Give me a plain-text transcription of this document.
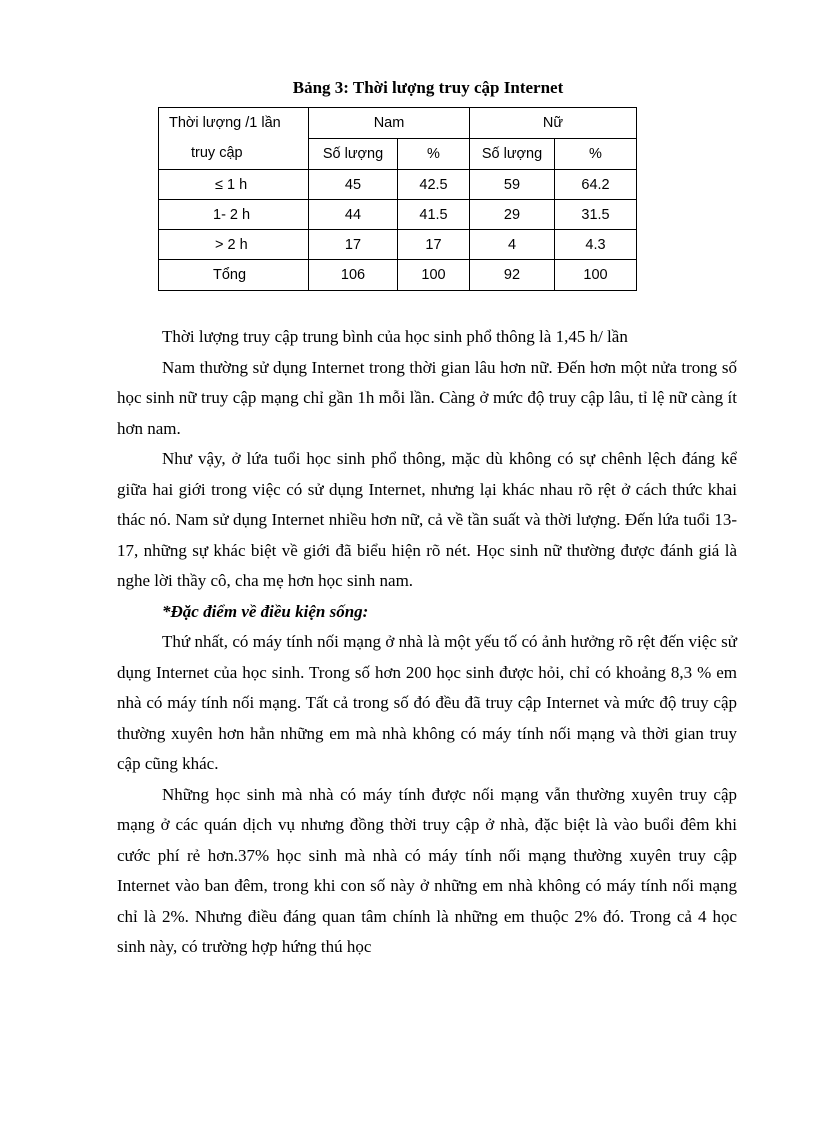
Bảng 3: Thời lượng truy cập Internet
Thời lượng /1 lần
truy cập	Nam		Nữ	
	Số lượng	%	Số lượng	%
≤ 1 h	45	42.5	59	64.2
1- 2 h	44	41.5	29	31.5
> 2 h	17	17	4	4.3
Tổng	106	100	92	100

Thời lượng truy cập trung bình của học sinh phổ thông là 1,45 h/ lần

Nam thường sử dụng Internet trong thời gian lâu hơn nữ. Đến hơn một nửa trong số học sinh nữ truy cập mạng chỉ gần 1h mỗi lần. Càng ở mức độ truy cập lâu, tỉ lệ nữ càng ít hơn nam.

Như vậy, ở lứa tuổi học sinh phổ thông, mặc dù không có sự chênh lệch đáng kể giữa hai giới trong việc có sử dụng Internet, nhưng lại khác nhau rõ rệt ở cách thức khai thác nó. Nam sử dụng Internet nhiều hơn nữ, cả về tần suất và thời lượng. Đến lứa tuổi 13- 17, những sự khác biệt về giới đã biểu hiện rõ nét. Học sinh nữ thường được đánh giá là nghe lời thầy cô, cha mẹ hơn học sinh nam.

*Đặc điểm về điều kiện sống:

Thứ nhất, có máy tính nối mạng ở nhà là một yếu tố có ảnh hưởng rõ rệt đến việc sử dụng Internet của học sinh. Trong số hơn 200 học sinh được hỏi, chỉ có khoảng 8,3 % em nhà có máy tính nối mạng. Tất cả trong số đó đều đã truy cập Internet và mức độ truy cập thường xuyên hơn hẳn những em mà nhà không có máy tính nối mạng và thời gian truy cập cũng khác.

Những học sinh mà nhà có máy tính được nối mạng vẫn thường xuyên truy cập mạng ở các quán dịch vụ nhưng đồng thời truy cập ở nhà, đặc biệt là vào buổi đêm khi cước phí rẻ hơn.37% học sinh mà nhà có máy tính nối mạng thường xuyên truy cập Internet vào ban đêm, trong khi con số này ở những em nhà không có máy tính nối mạng chỉ là 2%. Nhưng điều đáng quan tâm chính là những em thuộc 2% đó. Trong cả 4 học sinh này, có trường hợp hứng thú học
